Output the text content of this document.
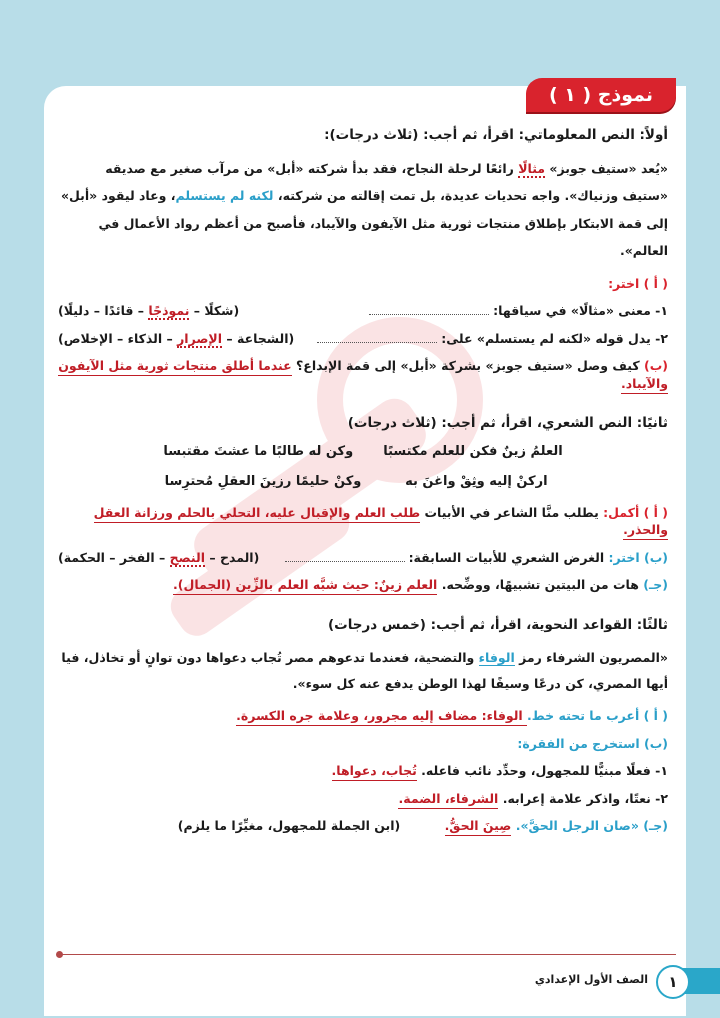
نموذج ( ١ )
أولاً: النص المعلوماتي: اقرأ، ثم أجب: (ثلاث درجات):

«يُعد «ستيف جوبز» مثالًا رائعًا لرحلة النجاح، فقد بدأ شركته «أبل» من مرآب صغير مع صديقه «ستيف وزنياك». واجه تحديات عديدة، بل تمت إقالته من شركته، لكنه لم يستسلم، وعاد ليقود «أبل» إلى قمة الابتكار بإطلاق منتجات ثورية مثل الآيفون والآيباد، فأصبح من أعظم رواد الأعمال في العالم».

( أ ) اختر:
١- معنى «مثالًا» في سياقها:
(شكلًا – نموذجًا – قائدًا – دليلًا)
٢- يدل قوله «لكنه لم يستسلم» على:
(الشجاعة – الإصرار – الذكاء – الإخلاص)
(ب) كيف وصل «ستيف جوبز» بشركة «أبل» إلى قمة الإبداع؟ عندما أطلق منتجات ثورية مثل الآيفون والآيباد.
ثانيًا: النص الشعري، اقرأ، ثم أجب: (ثلاث درجات)
العلمُ زينٌ فكن للعلم مكتسبًا
وكن له طالبًا ما عشتَ مقتبسا
اركنْ إليه وثِقْ واغنَ به
وكنْ حليمًا رزينَ العقلِ مُحترِسا
( أ ) أكمل: يطلب منَّا الشاعر في الأبيات طلب العلم والإقبال عليه، التحلي بالحلم ورزانة العقل والحذر.
(ب) اختر: الغرض الشعري للأبيات السابقة:
(المدح – النصح – الفخر – الحكمة)
(جـ) هات من البيتين تشبيهًا، ووضِّحه. العلم زينٌ: حيث شبَّه العلم بالزِّين (الجمال).
ثالثًا: القواعد النحوية، اقرأ، ثم أجب: (خمس درجات)

«المصريون الشرفاء رمز الوفاء والتضحية، فعندما تدعوهم مصر تُجاب دعواها دون توانٍ أو تخاذل، فيا أيها المصري، كن درعًا وسيفًا لهذا الوطن يدفع عنه كل سوء».

( أ ) أعرب ما تحته خط. الوفاء: مضاف إليه مجرور، وعلامة جره الكسرة.
(ب) استخرج من الفقرة:
١- فعلًا مبنيًّا للمجهول، وحدِّد نائب فاعله. تُجاب، دعواها.
٢- نعتًا، واذكر علامة إعرابه. الشرفاء، الضمة.
(جـ) «صان الرجل الحقَّ». صِينَ الحقُّ. (ابن الجملة للمجهول، مغيِّرًا ما يلزم)
١
الصف الأول الإعدادي
